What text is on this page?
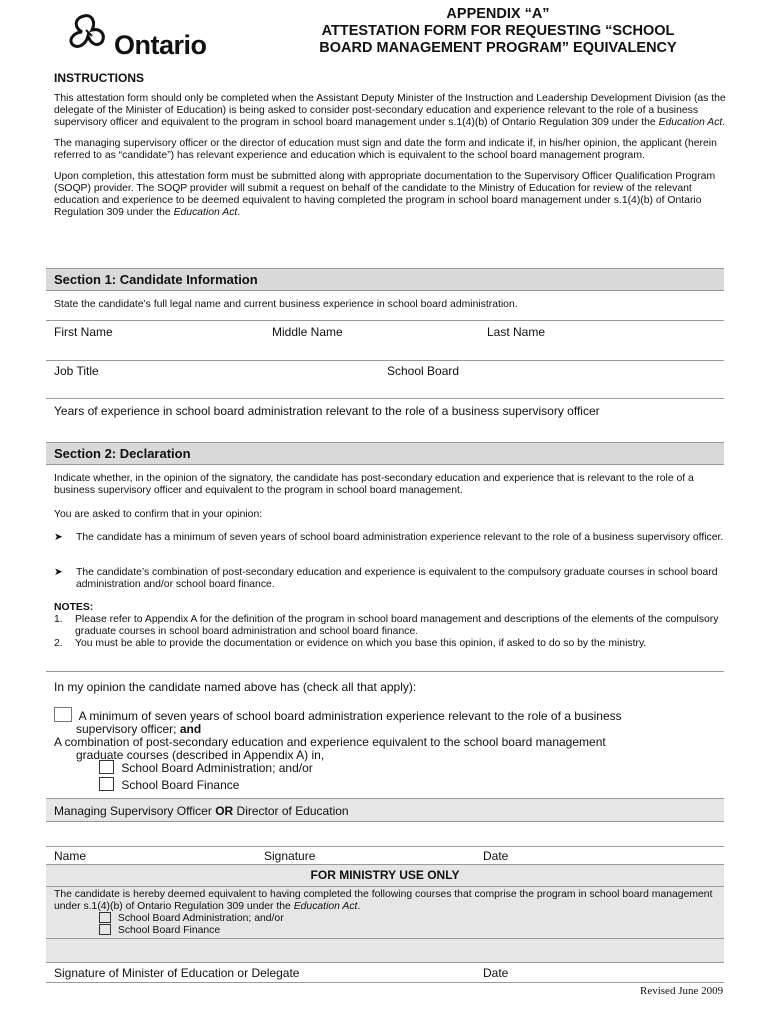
Ontario
APPENDIX “A”
ATTESTATION FORM FOR REQUESTING “SCHOOL
BOARD MANAGEMENT PROGRAM” EQUIVALENCY
INSTRUCTIONS

This attestation form should only be completed when the Assistant Deputy Minister of the Instruction and Leadership Development Division (as the delegate of the Minister of Education) is being asked to consider post-secondary education and experience relevant to the role of a business supervisory officer and equivalent to the program in school board management under s.1(4)(b) of Ontario Regulation 309 under the Education Act.

The managing supervisory officer or the director of education must sign and date the form and indicate if, in his/her opinion, the applicant (herein referred to as “candidate”) has relevant experience and education which is equivalent to the school board management program.

Upon completion, this attestation form must be submitted along with appropriate documentation to the Supervisory Officer Qualification Program (SOQP) provider. The SOQP provider will submit a request on behalf of the candidate to the Ministry of Education for review of the relevant education and experience to be deemed equivalent to having completed the program in school board management under s.1(4)(b) of Ontario Regulation 309 under the Education Act.

Section 1: Candidate Information
State the candidate’s full legal name and current business experience in school board administration.
First Name	Middle Name	Last Name
Job Title	School Board
Years of experience in school board administration relevant to the role of a business supervisory officer
Section 2: Declaration
Indicate whether, in the opinion of the signatory, the candidate has post-secondary education and experience that is relevant to the role of a business supervisory officer and equivalent to the program in school board management.
You are asked to confirm that in your opinion:
➤ The candidate has a minimum of seven years of school board administration experience relevant to the role of a business supervisory officer.
➤ The candidate’s combination of post-secondary education and experience is equivalent to the compulsory graduate courses in school board administration and/or school board finance.
NOTES:
1. Please refer to Appendix A for the definition of the program in school board management and descriptions of the elements of the compulsory graduate courses in school board administration and school board finance.
2. You must be able to provide the documentation or evidence on which you base this opinion, if asked to do so by the ministry.
In my opinion the candidate named above has (check all that apply):
A minimum of seven years of school board administration experience relevant to the role of a business
supervisory officer; and
A combination of post-secondary education and experience equivalent to the school board management
graduate courses (described in Appendix A) in,
School Board Administration; and/or
School Board Finance
Managing Supervisory Officer OR Director of Education
Name	Signature	Date
FOR MINISTRY USE ONLY
The candidate is hereby deemed equivalent to having completed the following courses that comprise the program in school board management under s.1(4)(b) of Ontario Regulation 309 under the Education Act.
School Board Administration; and/or
School Board Finance
Signature of Minister of Education or Delegate	Date
Revised June 2009
